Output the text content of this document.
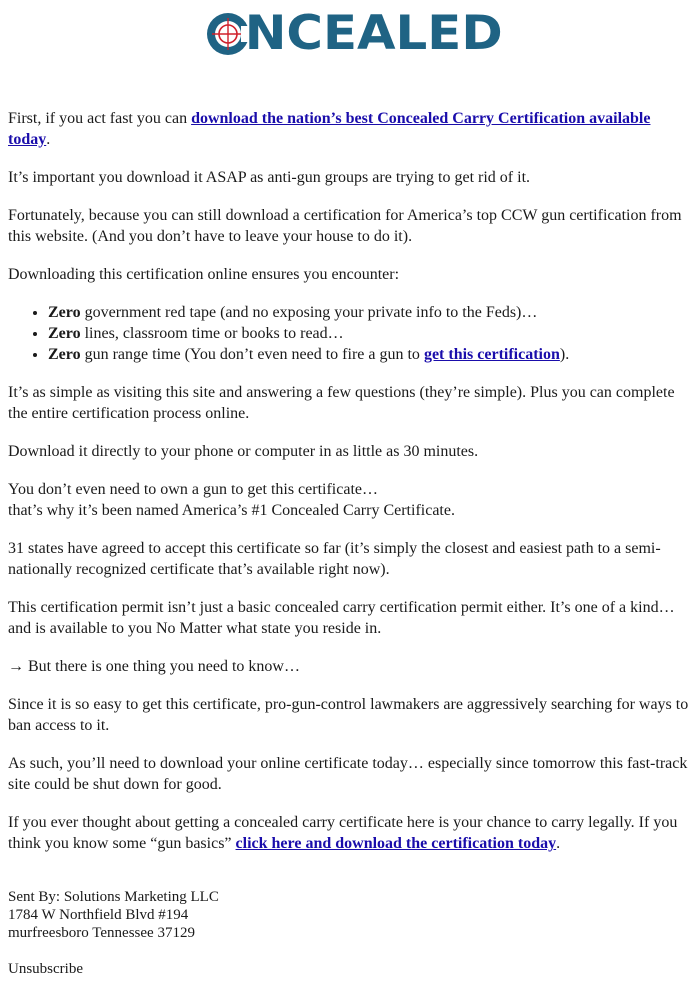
NCEALED

First, if you act fast you can download the nation’s best Concealed Carry Certification available today.

It’s important you download it ASAP as anti-gun groups are trying to get rid of it.

Fortunately, because you can still download a certification for America’s top CCW gun certification from this website. (And you don’t have to leave your house to do it).

Downloading this certification online ensures you encounter:

• Zero government red tape (and no exposing your private info to the Feds)…
• Zero lines, classroom time or books to read…
• Zero gun range time (You don’t even need to fire a gun to get this certification).

It’s as simple as visiting this site and answering a few questions (they’re simple). Plus you can complete the entire certification process online.

Download it directly to your phone or computer in as little as 30 minutes.

You don’t even need to own a gun to get this certificate…
that’s why it’s been named America’s #1 Concealed Carry Certificate.

31 states have agreed to accept this certificate so far (it’s simply the closest and easiest path to a semi-nationally recognized certificate that’s available right now).

This certification permit isn’t just a basic concealed carry certification permit either. It’s one of a kind… and is available to you No Matter what state you reside in.

→ But there is one thing you need to know…

Since it is so easy to get this certificate, pro-gun-control lawmakers are aggressively searching for ways to ban access to it.

As such, you’ll need to download your online certificate today… especially since tomorrow this fast-track site could be shut down for good.

If you ever thought about getting a concealed carry certificate here is your chance to carry legally. If you think you know some “gun basics” click here and download the certification today.

Sent By: Solutions Marketing LLC
1784 W Northfield Blvd #194
murfreesboro Tennessee 37129
Unsubscribe
